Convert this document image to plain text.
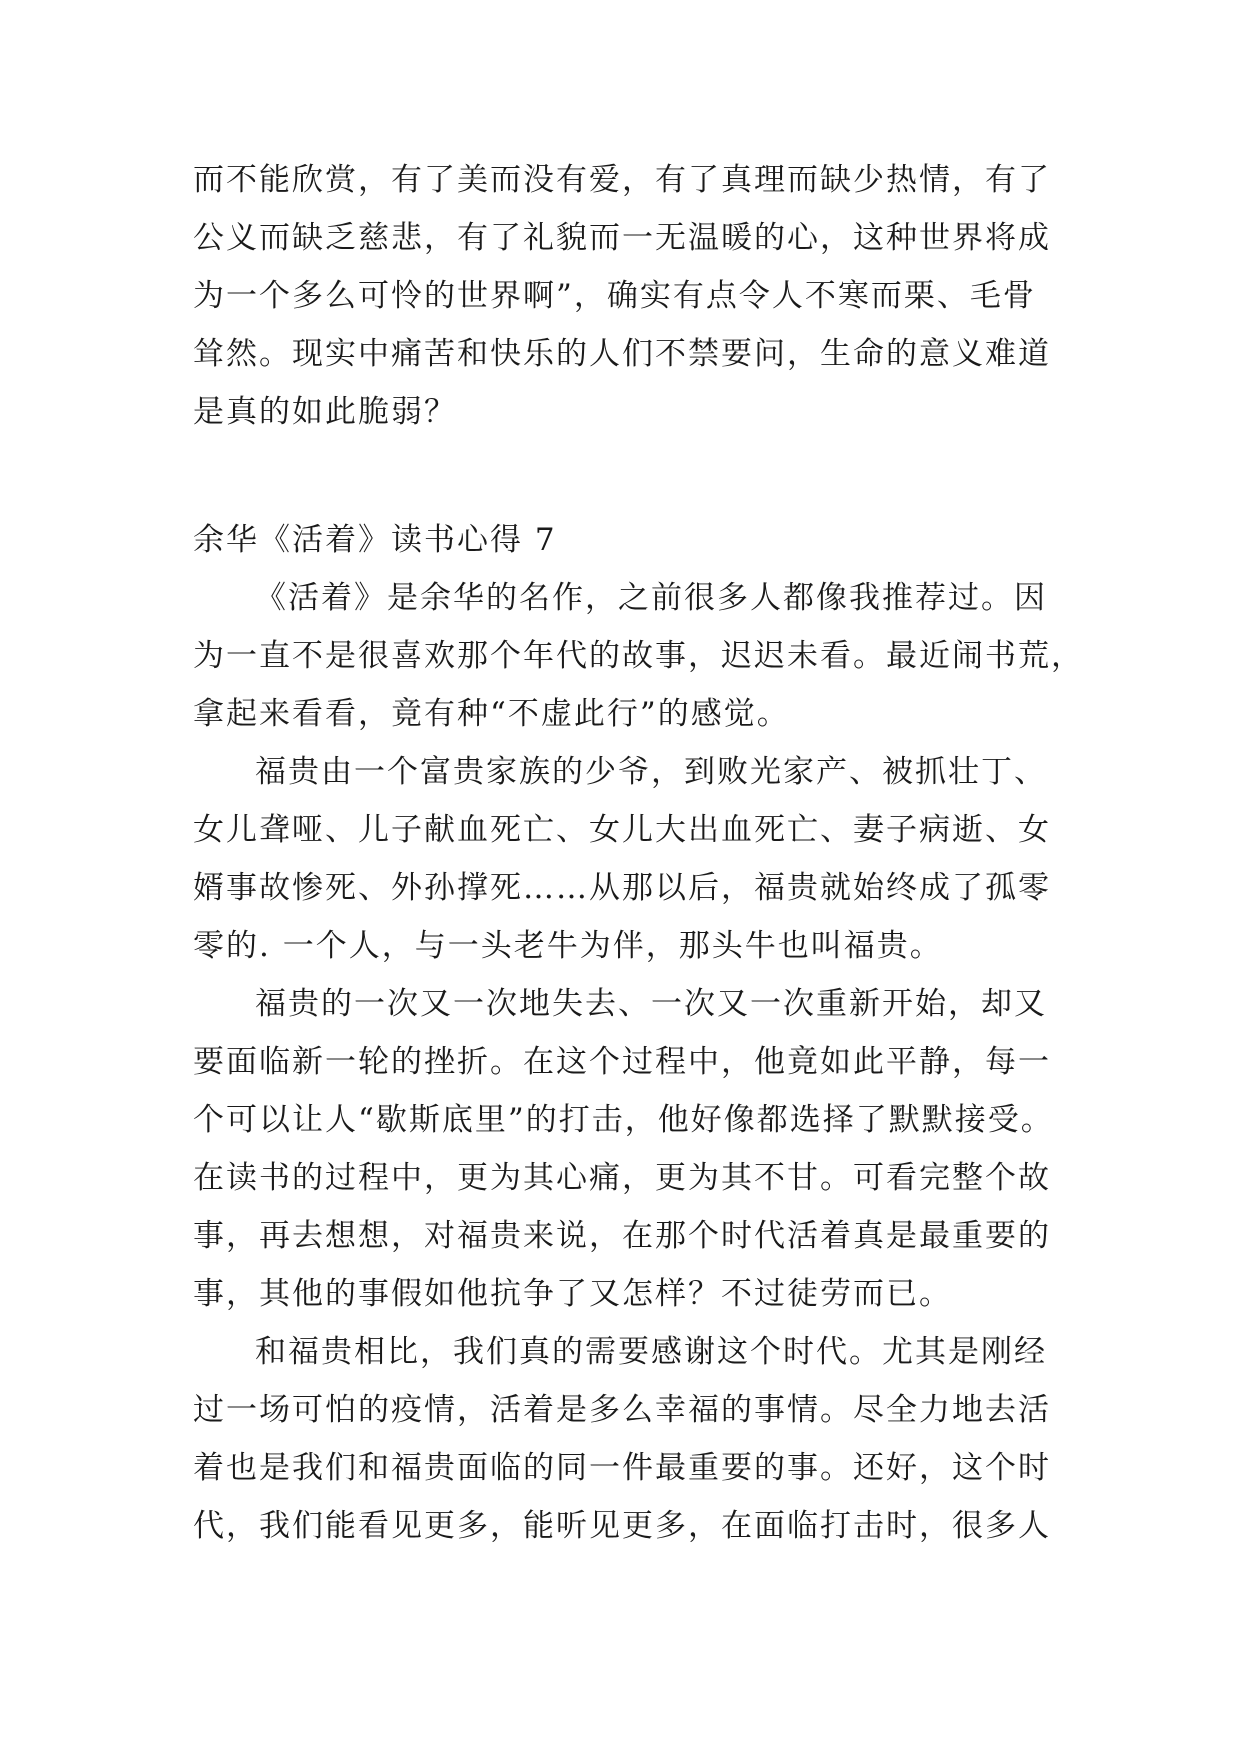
而不能欣赏，有了美而没有爱，有了真理而缺少热情，有了
公义而缺乏慈悲，有了礼貌而一无温暖的心，这种世界将成
为一个多么可怜的世界啊”，确实有点令人不寒而栗、毛骨
耸然。现实中痛苦和快乐的人们不禁要问，生命的意义难道
是真的如此脆弱？
余华《活着》读书心得 7
《活着》是余华的名作，之前很多人都像我推荐过。因
为一直不是很喜欢那个年代的故事，迟迟未看。最近闹书荒，
拿起来看看，竟有种“不虚此行”的感觉。
福贵由一个富贵家族的少爷，到败光家产、被抓壮丁、
女儿聋哑、儿子献血死亡、女儿大出血死亡、妻子病逝、女
婿事故惨死、外孙撑死……从那以后，福贵就始终成了孤零
零的. 一个人，与一头老牛为伴，那头牛也叫福贵。
福贵的一次又一次地失去、一次又一次重新开始，却又
要面临新一轮的挫折。在这个过程中，他竟如此平静，每一
个可以让人“歇斯底里”的打击，他好像都选择了默默接受。
在读书的过程中，更为其心痛，更为其不甘。可看完整个故
事，再去想想，对福贵来说，在那个时代活着真是最重要的
事，其他的事假如他抗争了又怎样？不过徒劳而已。
和福贵相比，我们真的需要感谢这个时代。尤其是刚经
过一场可怕的疫情，活着是多么幸福的事情。尽全力地去活
着也是我们和福贵面临的同一件最重要的事。还好，这个时
代，我们能看见更多，能听见更多，在面临打击时，很多人
